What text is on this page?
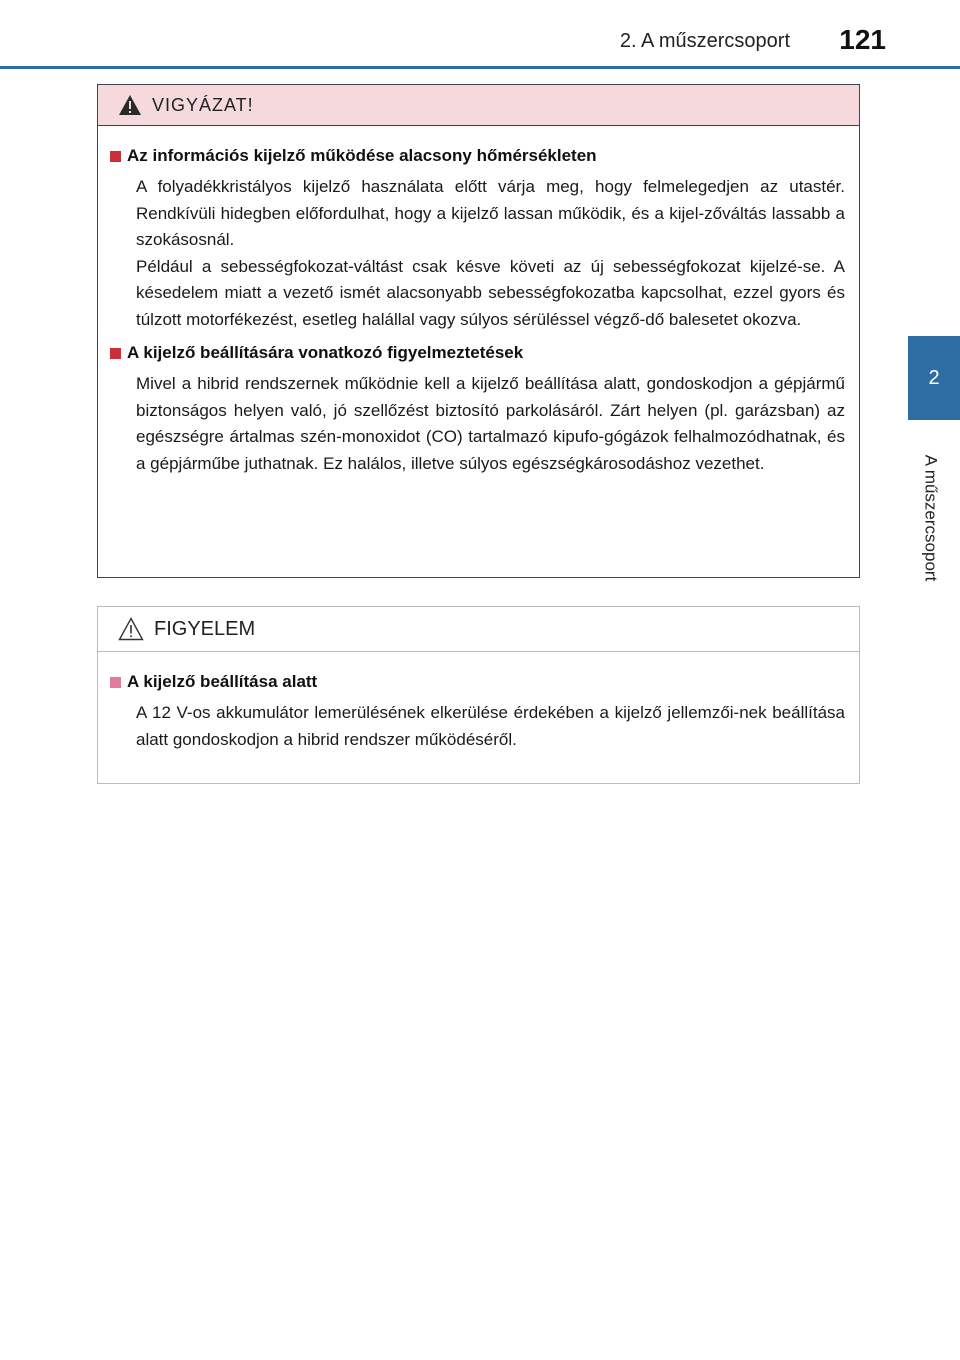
2. A műszercsoport 121
2
A műszercsoport
VIGYÁZAT!
Az információs kijelző működése alacsony hőmérsékleten

A folyadékkristályos kijelző használata előtt várja meg, hogy felmelegedjen az utastér. Rendkívüli hidegben előfordulhat, hogy a kijelző lassan működik, és a kijel-zőváltás lassabb a szokásosnál.

Például a sebességfokozat-váltást csak késve követi az új sebességfokozat kijelzé-se. A késedelem miatt a vezető ismét alacsonyabb sebességfokozatba kapcsolhat, ezzel gyors és túlzott motorfékezést, esetleg halállal vagy súlyos sérüléssel végző-dő balesetet okozva.

A kijelző beállítására vonatkozó figyelmeztetések

Mivel a hibrid rendszernek működnie kell a kijelző beállítása alatt, gondoskodjon a gépjármű biztonságos helyen való, jó szellőzést biztosító parkolásáról. Zárt helyen (pl. garázsban) az egészségre ártalmas szén-monoxidot (CO) tartalmazó kipufo-gógázok felhalmozódhatnak, és a gépjárműbe juthatnak. Ez halálos, illetve súlyos egészségkárosodáshoz vezethet.

FIGYELEM
A kijelző beállítása alatt

A 12 V-os akkumulátor lemerülésének elkerülése érdekében a kijelző jellemzői-nek beállítása alatt gondoskodjon a hibrid rendszer működéséről.
